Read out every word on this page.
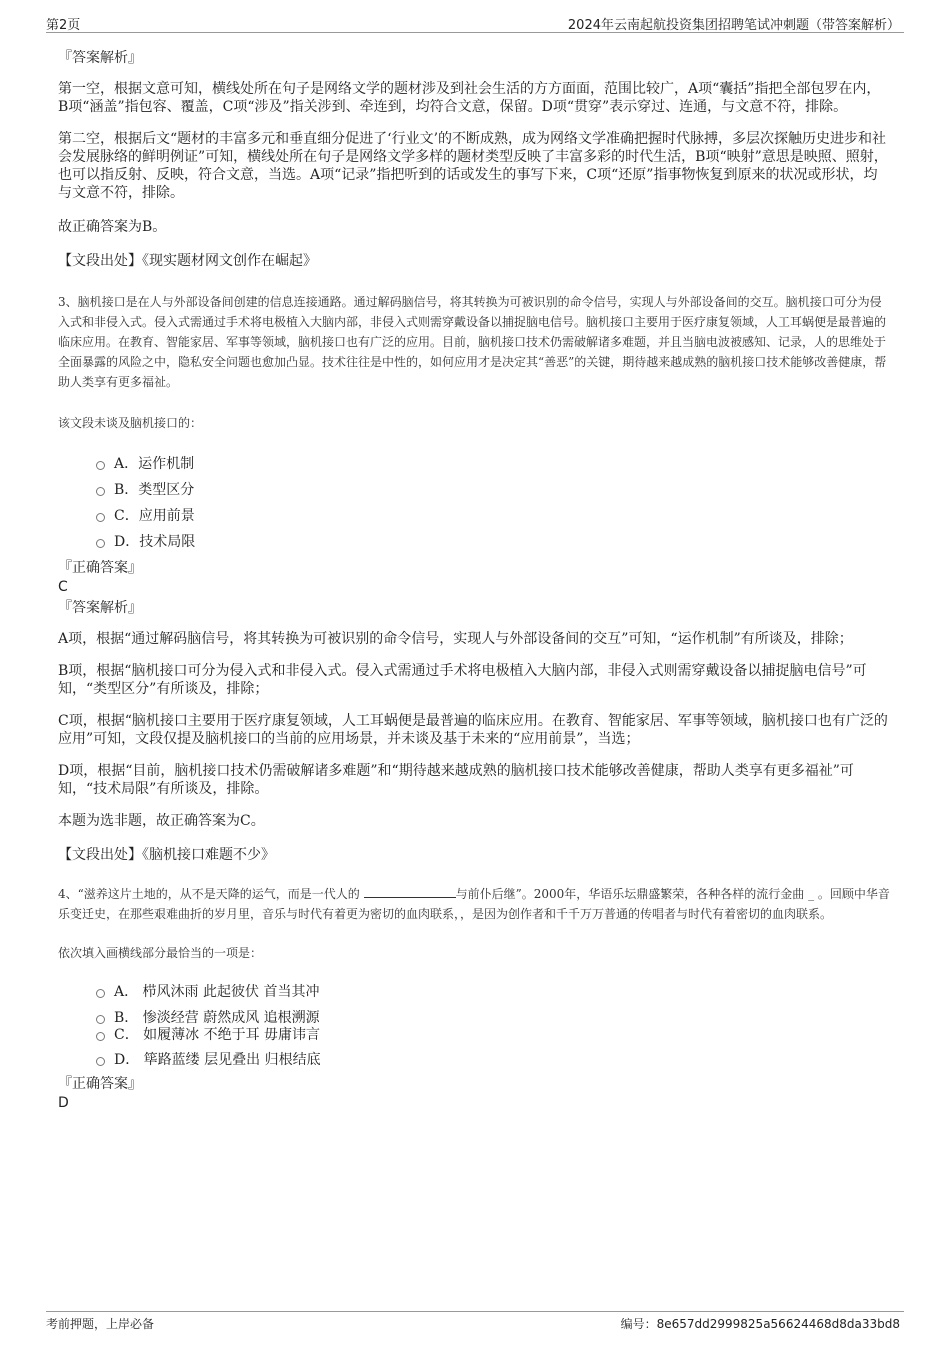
第2页	2024年云南起航投资集团招聘笔试冲刺题（带答案解析）

『答案解析』

第一空，根据文意可知，横线处所在句子是网络文学的题材涉及到社会生活的方方面面，范围比较广，A项“囊括”指把全部包罗在内，B项“涵盖”指包容、覆盖，C项“涉及”指关涉到、牵连到，均符合文意，保留。D项“贯穿”表示穿过、连通，与文意不符，排除。

第二空，根据后文“题材的丰富多元和垂直细分促进了‘行业文’的不断成熟，成为网络文学准确把握时代脉搏，多层次探触历史进步和社会发展脉络的鲜明例证”可知，横线处所在句子是网络文学多样的题材类型反映了丰富多彩的时代生活，B项“映射”意思是映照、照射，也可以指反射、反映，符合文意，当选。A项“记录”指把听到的话或发生的事写下来，C项“还原”指事物恢复到原来的状况或形状，均与文意不符，排除。

故正确答案为B。

【文段出处】《现实题材网文创作在崛起》

3、脑机接口是在人与外部设备间创建的信息连接通路。通过解码脑信号，将其转换为可被识别的命令信号，实现人与外部设备间的交互。脑机接口可分为侵入式和非侵入式。侵入式需通过手术将电极植入大脑内部，非侵入式则需穿戴设备以捕捉脑电信号。脑机接口主要用于医疗康复领域，人工耳蜗便是最普遍的临床应用。在教育、智能家居、军事等领域，脑机接口也有广泛的应用。目前，脑机接口技术仍需破解诸多难题，并且当脑电波被感知、记录，人的思维处于全面暴露的风险之中，隐私安全问题也愈加凸显。技术往往是中性的，如何应用才是决定其“善恶”的关键，期待越来越成熟的脑机接口技术能够改善健康，帮助人类享有更多福祉。

该文段未谈及脑机接口的：

A．运作机制
B．类型区分
C．应用前景
D．技术局限

『正确答案』

C

『答案解析』

A项，根据“通过解码脑信号，将其转换为可被识别的命令信号，实现人与外部设备间的交互”可知，“运作机制”有所谈及，排除；

B项，根据“脑机接口可分为侵入式和非侵入式。侵入式需通过手术将电极植入大脑内部，非侵入式则需穿戴设备以捕捉脑电信号”可知，“类型区分”有所谈及，排除；

C项，根据“脑机接口主要用于医疗康复领域，人工耳蜗便是最普遍的临床应用。在教育、智能家居、军事等领域，脑机接口也有广泛的应用”可知，文段仅提及脑机接口的当前的应用场景，并未谈及基于未来的“应用前景”，当选；

D项，根据“目前，脑机接口技术仍需破解诸多难题”和“期待越来越成熟的脑机接口技术能够改善健康，帮助人类享有更多福祉”可知，“技术局限”有所谈及，排除。

本题为选非题，故正确答案为C。

【文段出处】《脑机接口难题不少》

4、“滋养这片土地的，从不是天降的运气，而是一代人的	与前仆后继”。2000年，华语乐坛鼎盛繁荣，各种各样的流行金曲 _ 。回顾中华音乐变迁史，在那些艰难曲折的岁月里，音乐与时代有着更为密切的血肉联系，，是因为创作者和千千万万普通的传唱者与时代有着密切的血肉联系。

依次填入画横线部分最恰当的一项是：

A． 栉风沐雨 此起彼伏 首当其冲
B． 惨淡经营 蔚然成风 追根溯源
C． 如履薄冰 不绝于耳 毋庸讳言
D． 筚路蓝缕 层见叠出 归根结底

『正确答案』

D

考前押题，上岸必备	编号：8e657dd2999825a56624468d8da33bd8
